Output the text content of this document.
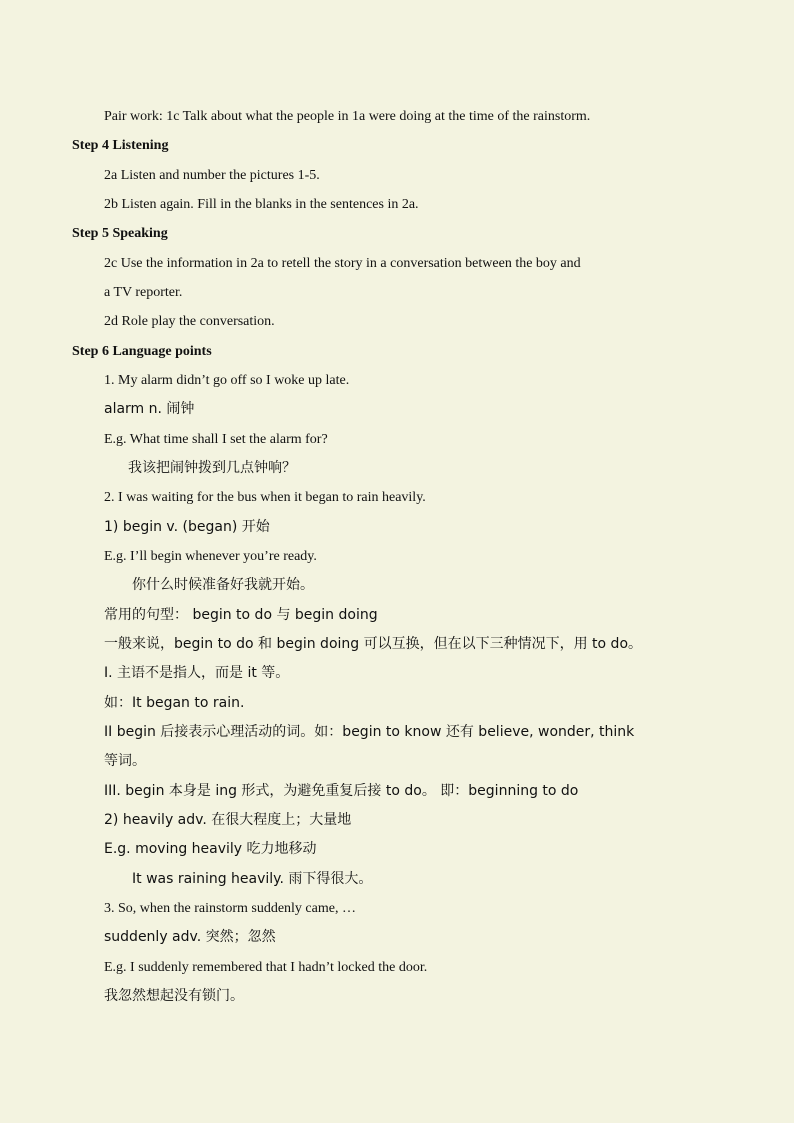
Pair work: 1c Talk about what the people in 1a were doing at the time of the rainstorm.
Step 4 Listening
2a Listen and number the pictures 1-5.
2b Listen again. Fill in the blanks in the sentences in 2a.
Step 5 Speaking
2c Use the information in 2a to retell the story in a conversation between the boy and
a TV reporter.
2d Role play the conversation.
Step 6 Language points
1. My alarm didn’t go off so I woke up late.
alarm n. 闹钟
E.g. What time shall I set the alarm for?
我该把闹钟拨到几点钟响？
2. I was waiting for the bus when it began to rain heavily.
1) begin v. (began) 开始
E.g. I’ll begin whenever you’re ready.
你什么时候准备好我就开始。
常用的句型： begin to do 与 begin doing
一般来说，begin to do 和 begin doing 可以互换，但在以下三种情况下，用 to do。
I. 主语不是指人，而是 it 等。
如：It began to rain.
II begin 后接表示心理活动的词。如：begin to know 还有 believe, wonder, think
等词。
III. begin 本身是 ing 形式，为避免重复后接 to do。 即：beginning to do
2) heavily adv. 在很大程度上；大量地
E.g. moving heavily 吃力地移动
It was raining heavily. 雨下得很大。
3. So, when the rainstorm suddenly came, …
suddenly adv. 突然；忽然
E.g. I suddenly remembered that I hadn’t locked the door.
我忽然想起没有锁门。
